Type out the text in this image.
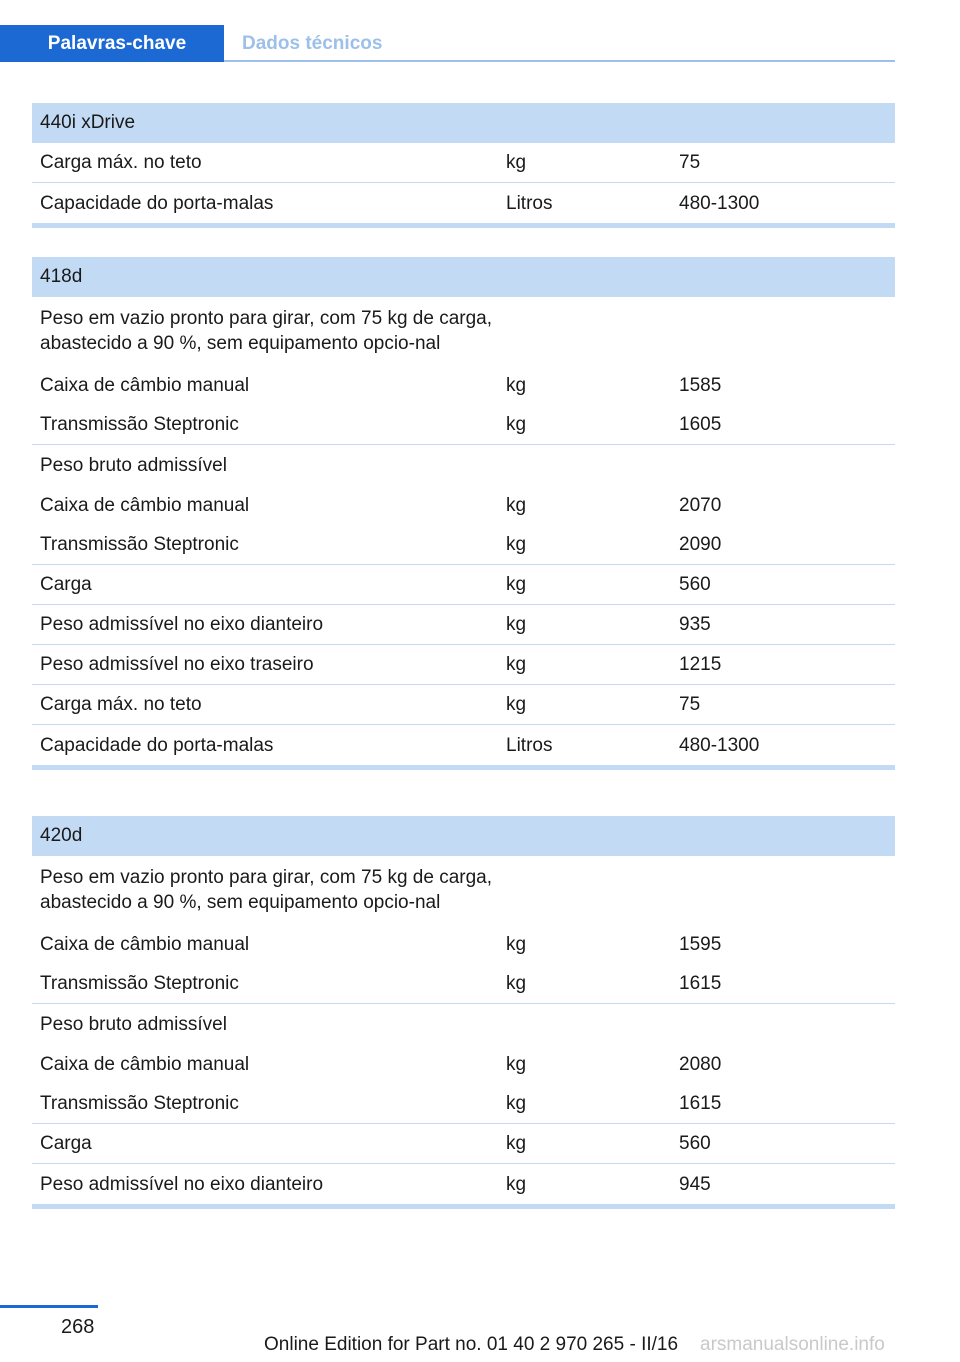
Palavras-chave	Dados técnicos
440i xDrive
Carga máx. no teto	kg	75
Capacidade do porta-malas	Litros	480-1300
418d
Peso em vazio pronto para girar, com 75 kg de carga, abastecido a 90 %, sem equipamento opcio-nal
Caixa de câmbio manual	kg	1585
Transmissão Steptronic	kg	1605
Peso bruto admissível
Caixa de câmbio manual	kg	2070
Transmissão Steptronic	kg	2090
Carga	kg	560
Peso admissível no eixo dianteiro	kg	935
Peso admissível no eixo traseiro	kg	1215
Carga máx. no teto	kg	75
Capacidade do porta-malas	Litros	480-1300
420d
Peso em vazio pronto para girar, com 75 kg de carga, abastecido a 90 %, sem equipamento opcio-nal
Caixa de câmbio manual	kg	1595
Transmissão Steptronic	kg	1615
Peso bruto admissível
Caixa de câmbio manual	kg	2080
Transmissão Steptronic	kg	1615
Carga	kg	560
Peso admissível no eixo dianteiro	kg	945
268
Online Edition for Part no. 01 40 2 970 265 - II/16 arsmanualsonline.info
